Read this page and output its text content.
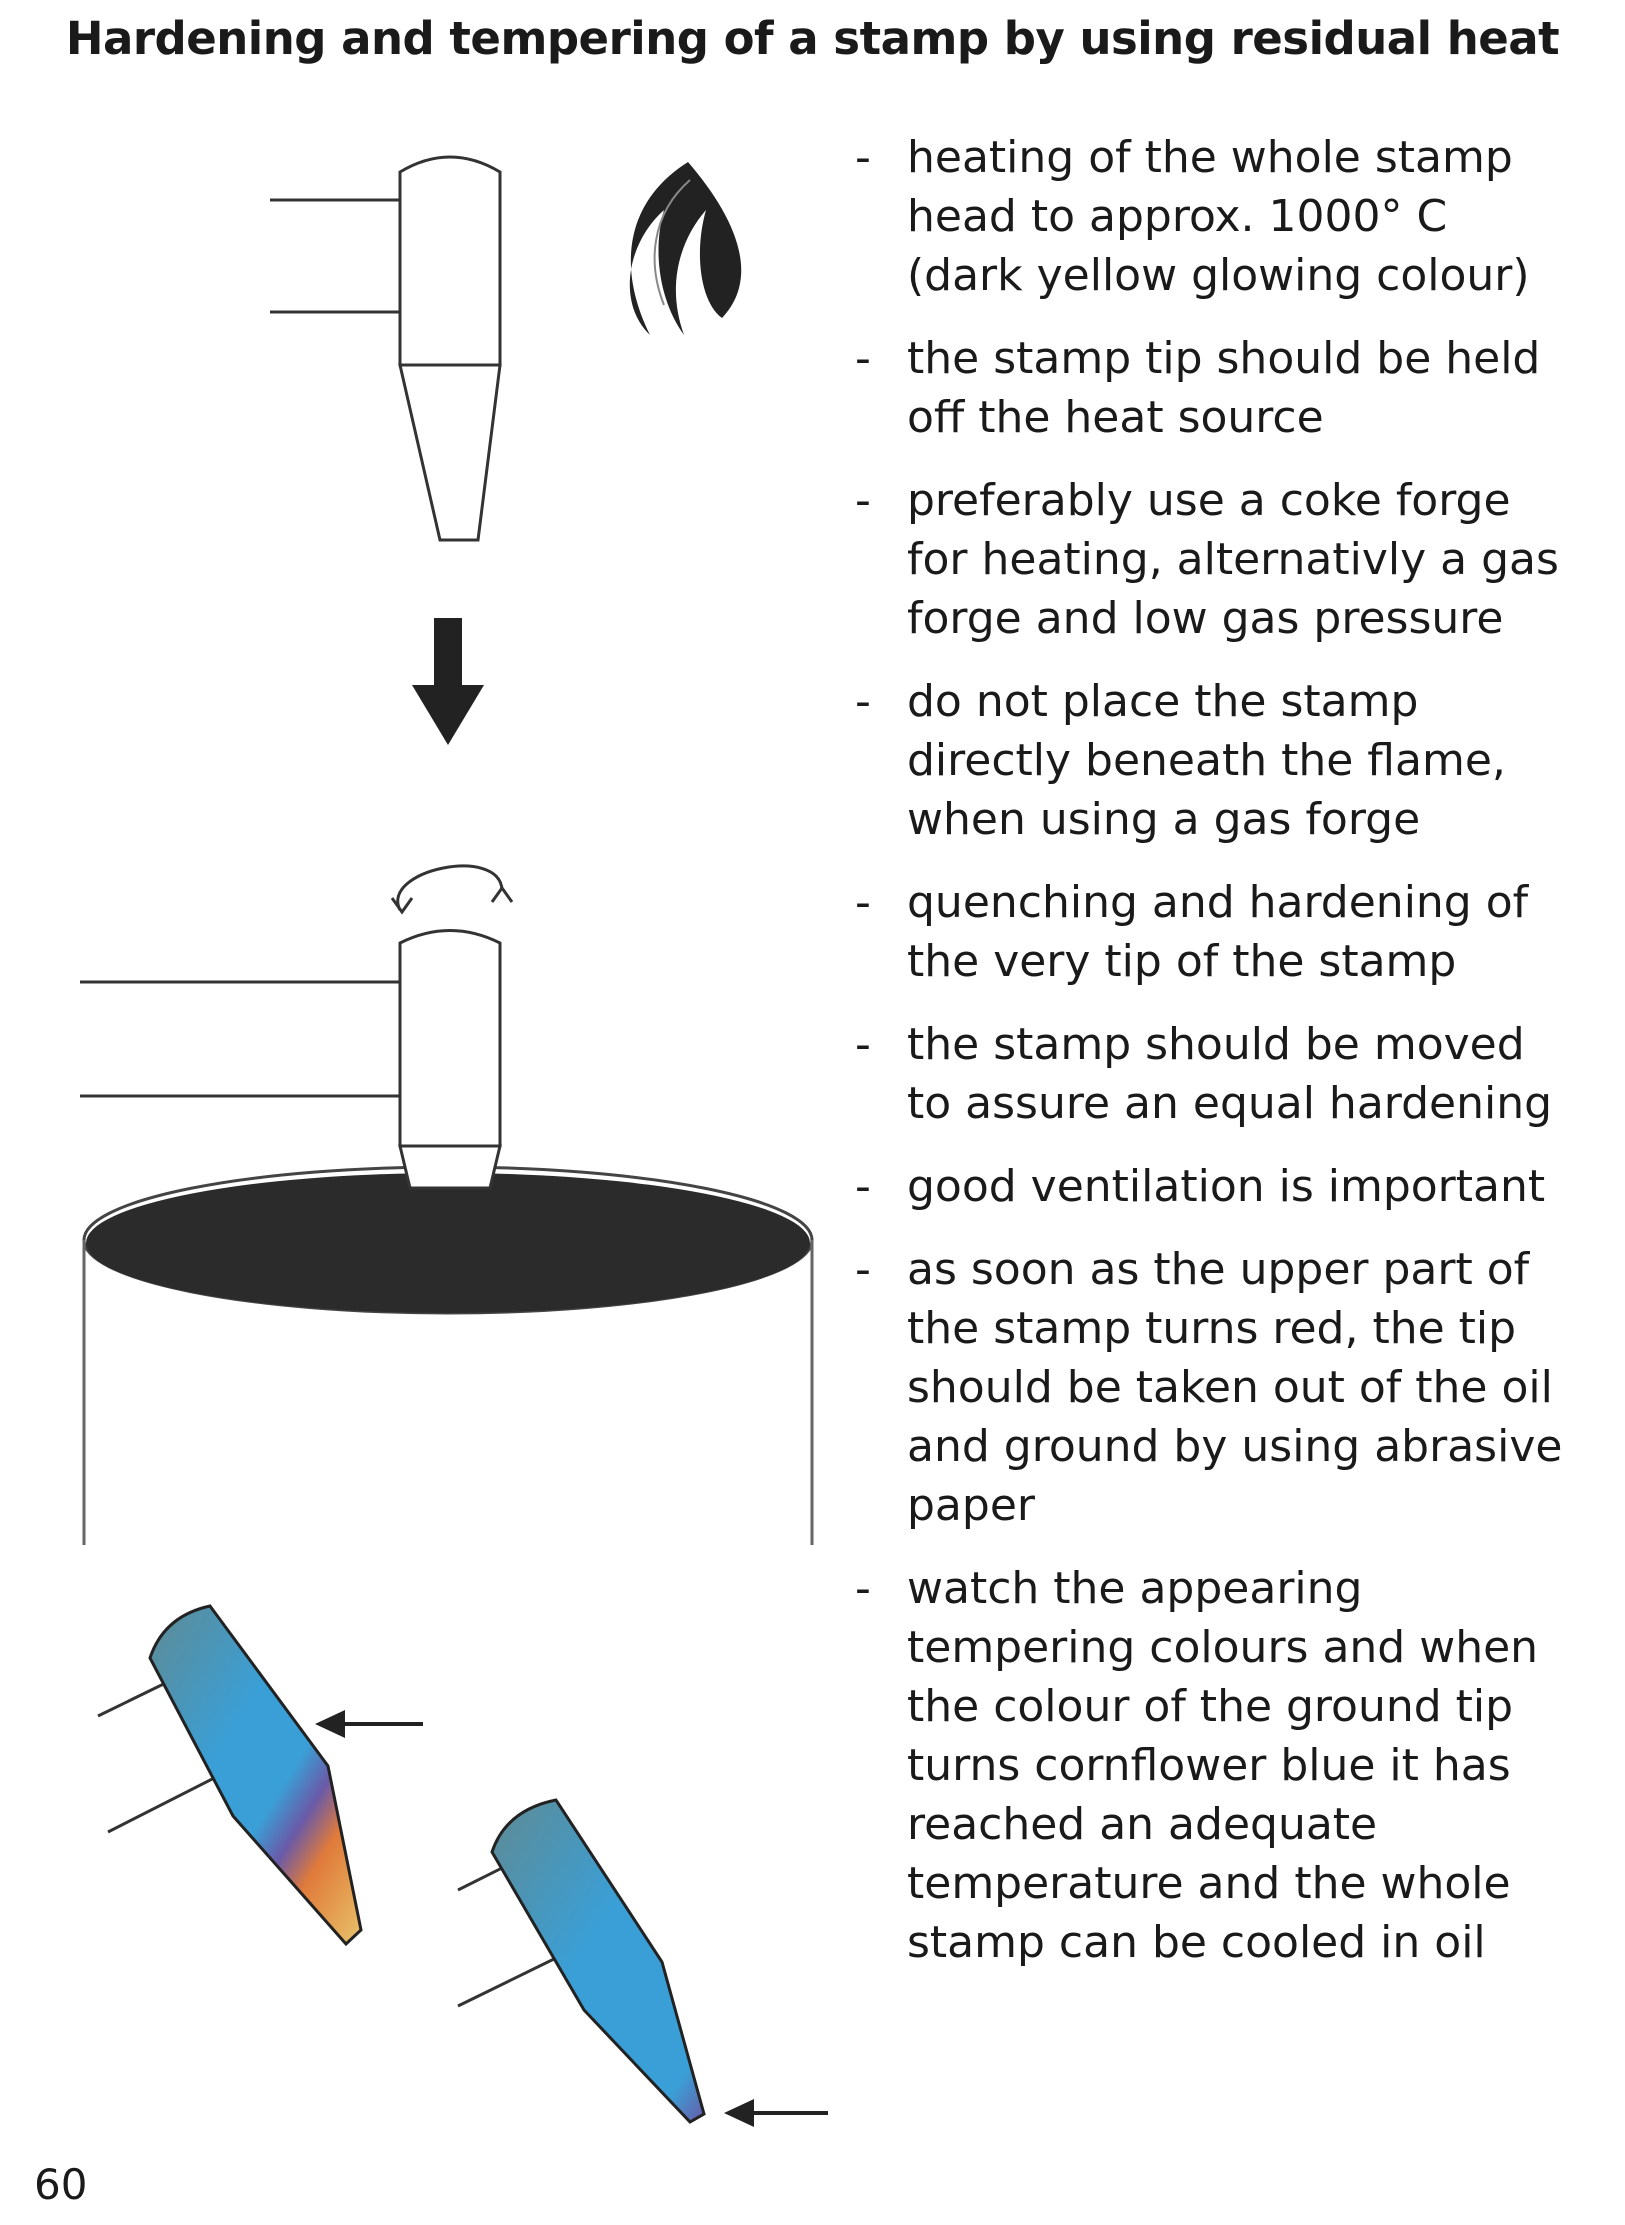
Hardening and tempering of a stamp by using residual heat
- heating of the whole stamp head to approx. 1000° C (dark yellow glowing colour)
- the stamp tip should be held off the heat source
- preferably use a coke forge for heating, alternativly a gas forge and low gas pressure
- do not place the stamp directly beneath the flame, when using a gas forge
- quenching and hardening of the very tip of the stamp
- the stamp should be moved to assure an equal hardening
- good ventilation is important
- as soon as the upper part of the stamp turns red, the tip should be taken out of the oil and ground by using abrasive paper
- watch the appearing tempering colours and when the colour of the ground tip turns cornflower blue it has reached an adequate temperature and the whole stamp can be cooled in oil
60
